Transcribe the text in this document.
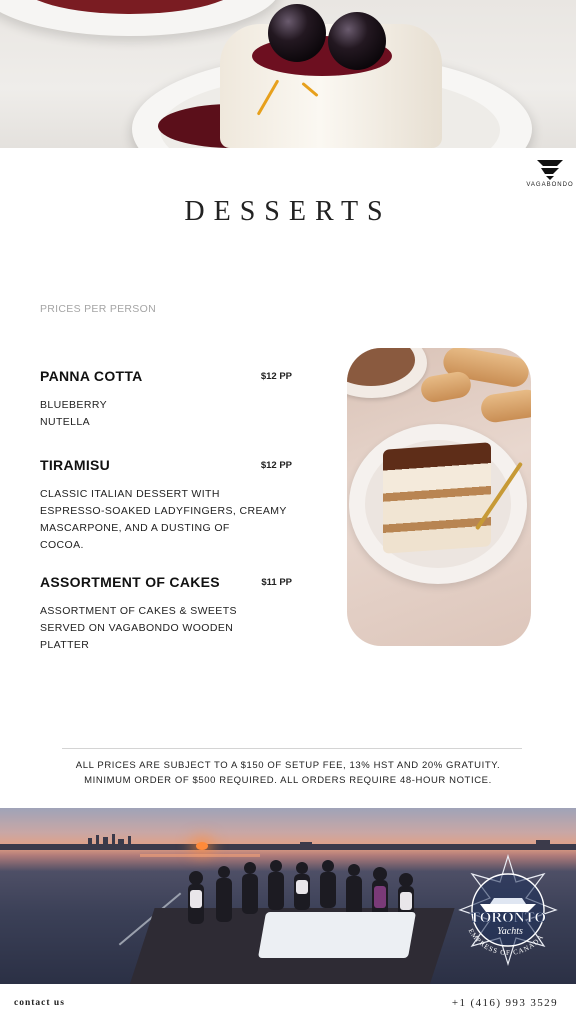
VAGABONDO
DESSERTS
PRICES PER PERSON
PANNA COTTA	$12 PP
BLUEBERRY
NUTELLA
TIRAMISU	$12 PP
CLASSIC ITALIAN DESSERT WITH
ESPRESSO-SOAKED LADYFINGERS, CREAMY
MASCARPONE, AND A DUSTING OF
COCOA.
ASSORTMENT OF CAKES	$11 PP
ASSORTMENT OF CAKES & SWEETS
SERVED ON VAGABONDO WOODEN
PLATTER
ALL PRICES ARE SUBJECT TO A $150 OF SETUP FEE, 13% HST AND 20% GRATUITY.
MINIMUM ORDER OF $500 REQUIRED. ALL ORDERS REQUIRE 48-HOUR NOTICE.
TORONTO
Yachts
EMPRESS OF CANADA
contact us	+1 (416) 993 3529
